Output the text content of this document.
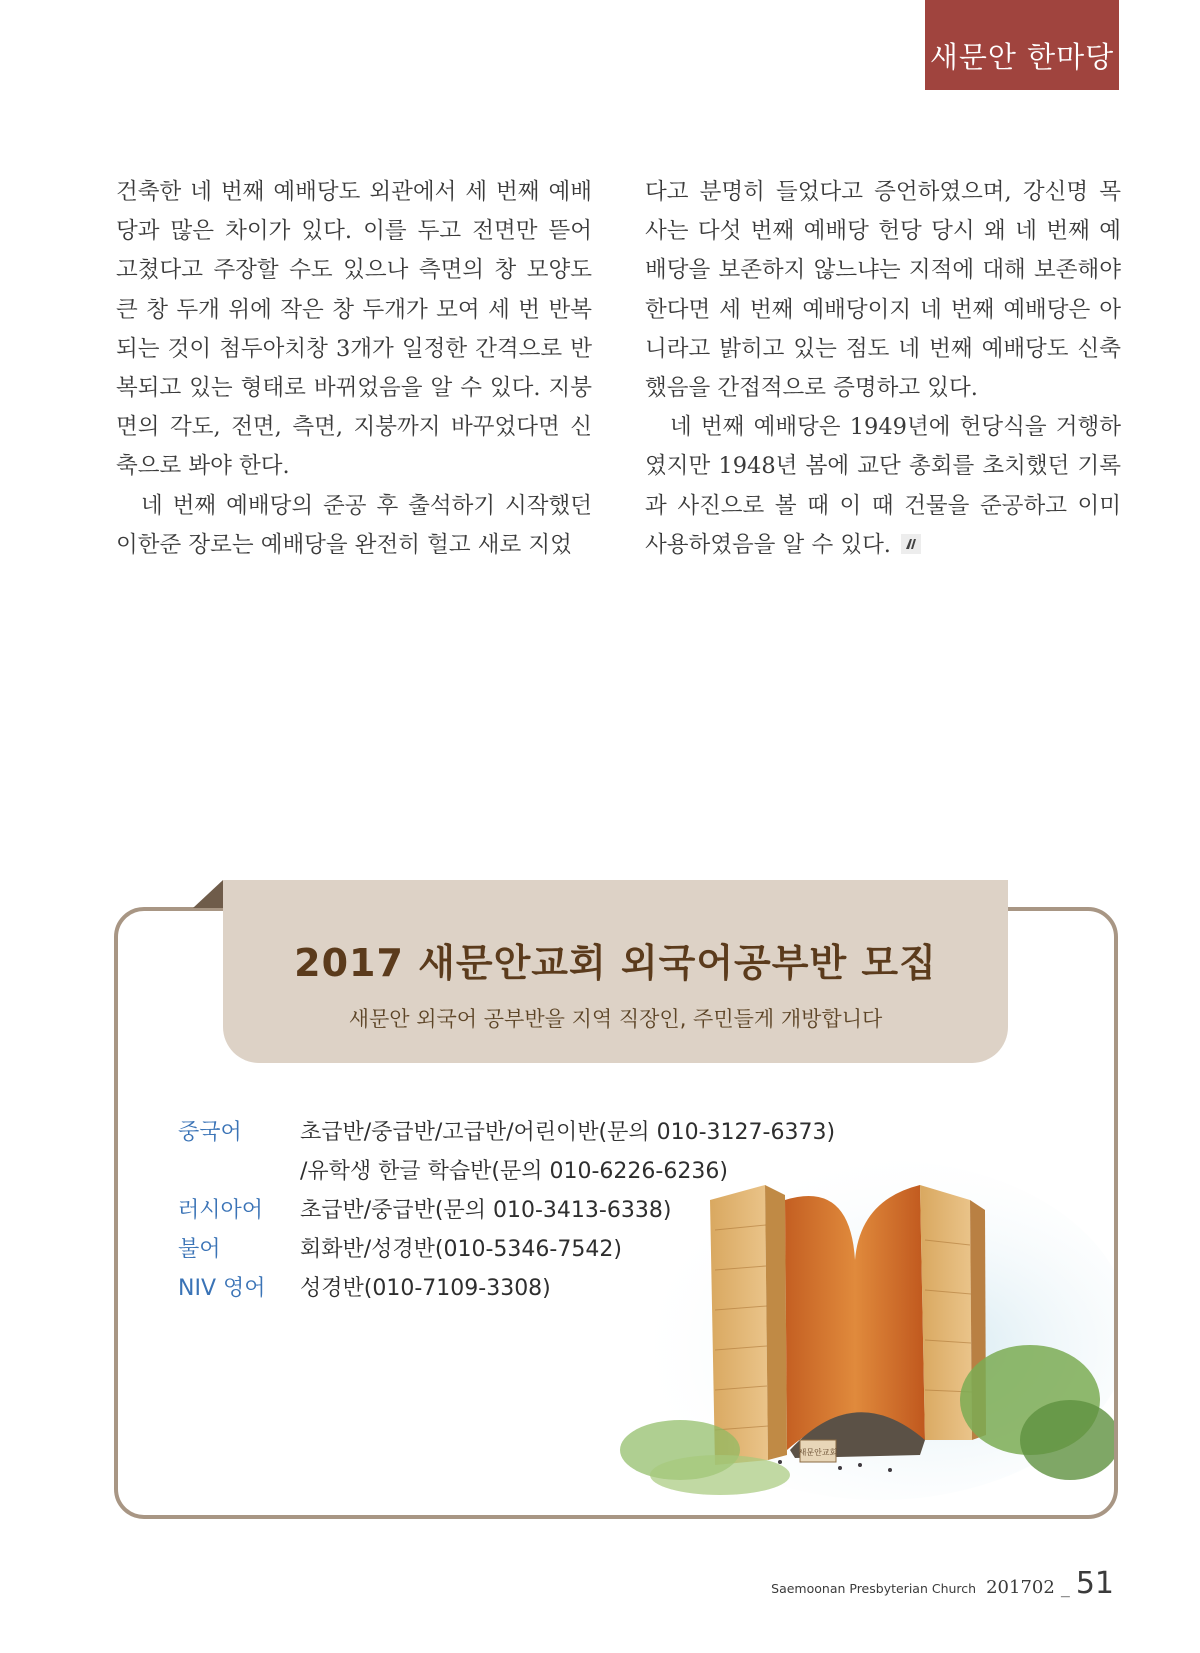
새문안 한마당

건축한 네 번째 예배당도 외관에서 세 번째 예배당과 많은 차이가 있다. 이를 두고 전면만 뜯어 고쳤다고 주장할 수도 있으나 측면의 창 모양도 큰 창 두개 위에 작은 창 두개가 모여 세 번 반복되는 것이 첨두아치창 3개가 일정한 간격으로 반복되고 있는 형태로 바뀌었음을 알 수 있다. 지붕면의 각도, 전면, 측면, 지붕까지 바꾸었다면 신축으로 봐야 한다.

네 번째 예배당의 준공 후 출석하기 시작했던 이한준 장로는 예배당을 완전히 헐고 새로 지었

다고 분명히 들었다고 증언하였으며, 강신명 목사는 다섯 번째 예배당 헌당 당시 왜 네 번째 예배당을 보존하지 않느냐는 지적에 대해 보존해야 한다면 세 번째 예배당이지 네 번째 예배당은 아니라고 밝히고 있는 점도 네 번째 예배당도 신축했음을 간접적으로 증명하고 있다.

네 번째 예배당은 1949년에 헌당식을 거행하였지만 1948년 봄에 교단 총회를 초치했던 기록과 사진으로 볼 때 이 때 건물을 준공하고 이미 사용하였음을 알 수 있다.

2017 새문안교회 외국어공부반 모집
새문안 외국어 공부반을 지역 직장인, 주민들게 개방합니다
새문안교회
중국어	초급반/중급반/고급반/어린이반(문의 010-3127-6373)
/유학생 한글 학습반(문의 010-6226-6236)
러시아어	초급반/중급반(문의 010-3413-6338)
불어	회화반/성경반(010-5346-7542)
NIV 영어	성경반(010-7109-3308)
Saemoonan Presbyterian Church 201702 _ 51
